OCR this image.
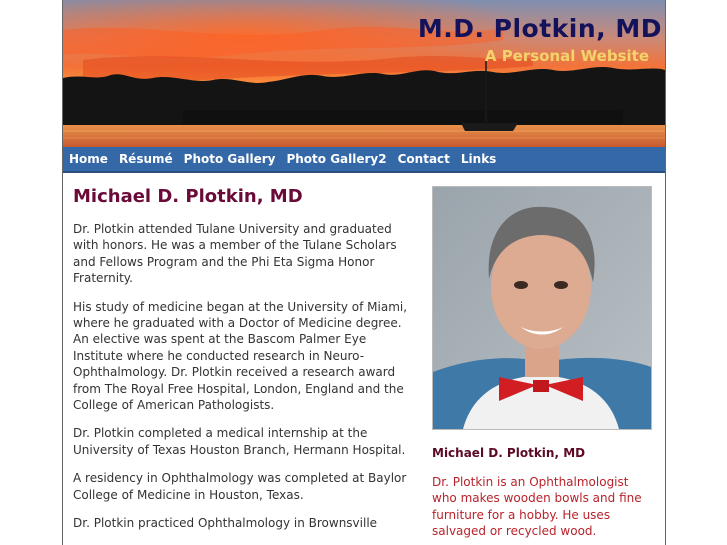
M.D. Plotkin, MD
A Personal Website
Home Résumé Photo Gallery Photo Gallery2 Contact Links
Michael D. Plotkin, MD

Dr. Plotkin attended Tulane University and graduated with honors. He was a member of the Tulane Scholars and Fellows Program and the Phi Eta Sigma Honor Fraternity.

His study of medicine began at the University of Miami, where he graduated with a Doctor of Medicine degree. An elective was spent at the Bascom Palmer Eye Institute where he conducted research in Neuro-Ophthalmology. Dr. Plotkin received a research award from The Royal Free Hospital, London, England and the College of American Pathologists.

Dr. Plotkin completed a medical internship at the University of Texas Houston Branch, Hermann Hospital.

A residency in Ophthalmology was completed at Baylor College of Medicine in Houston, Texas.

Dr. Plotkin practiced Ophthalmology in Brownsville

Michael D. Plotkin, MD

Dr. Plotkin is an Ophthalmologist who makes wooden bowls and fine furniture for a hobby. He uses salvaged or recycled wood.
